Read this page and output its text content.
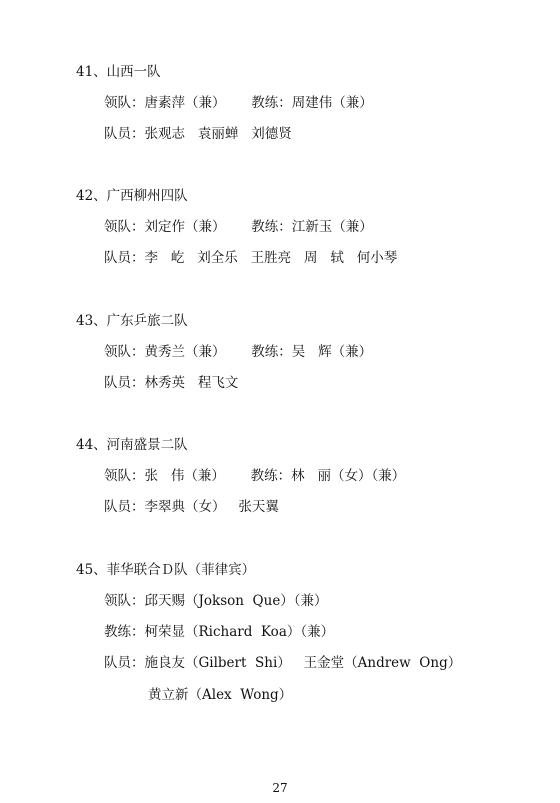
41、山西一队
领队：唐素萍（兼）      教练：周建伟（兼）
队员：张观志   袁丽蝉   刘德贤
42、广西柳州四队
领队：刘定作（兼）      教练：江新玉（兼）
队员：李   屹   刘全乐   王胜亮   周   轼   何小琴
43、广东乒旅二队
领队：黄秀兰（兼）      教练：吴   辉（兼）
队员：林秀英   程飞文
44、河南盛景二队
领队：张   伟（兼）      教练：林   丽（女）（兼）
队员：李翠典（女）   张天翼
45、菲华联合Ｄ队（菲律宾）
领队：邱天赐（Jokson  Que）（兼）
教练：柯荣显（Richard  Koa）（兼）
队员：施良友（Gilbert  Shi）   王金堂（Andrew  Ong）
黄立新（Alex  Wong）
27
